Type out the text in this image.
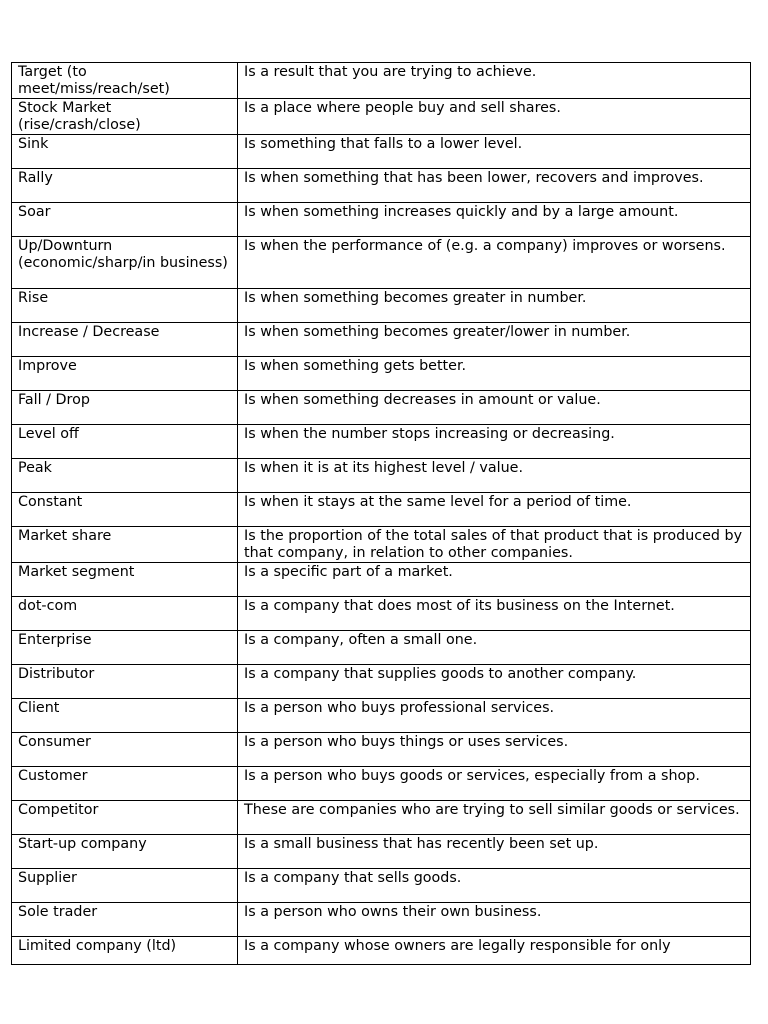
Target (to meet/miss/reach/set)	Is a result that you are trying to achieve.
Stock Market (rise/crash/close)	Is a place where people buy and sell shares.
Sink	Is something that falls to a lower level.
Rally	Is when something that has been lower, recovers and improves.
Soar	Is when something increases quickly and by a large amount.
Up/Downturn (economic/sharp/in business)	Is when the performance of (e.g. a company) improves or worsens.
Rise	Is when something becomes greater in number.
Increase / Decrease	Is when something becomes greater/lower in number.
Improve	Is when something gets better.
Fall / Drop	Is when something decreases in amount or value.
Level off	Is when the number stops increasing or decreasing.
Peak	Is when it is at its highest level / value.
Constant	Is when it stays at the same level for a period of time.
Market share	Is the proportion of the total sales of that product that is produced by that company, in relation to other companies.
Market segment	Is a specific part of a market.
dot-com	Is a company that does most of its business on the Internet.
Enterprise	Is a company, often a small one.
Distributor	Is a company that supplies goods to another company.
Client	Is a person who buys professional services.
Consumer	Is a person who buys things or uses services.
Customer	Is a person who buys goods or services, especially from a shop.
Competitor	These are companies who are trying to sell similar goods or services.
Start-up company	Is a small business that has recently been set up.
Supplier	Is a company that sells goods.
Sole trader	Is a person who owns their own business.
Limited company (ltd)	Is a company whose owners are legally responsible for only
